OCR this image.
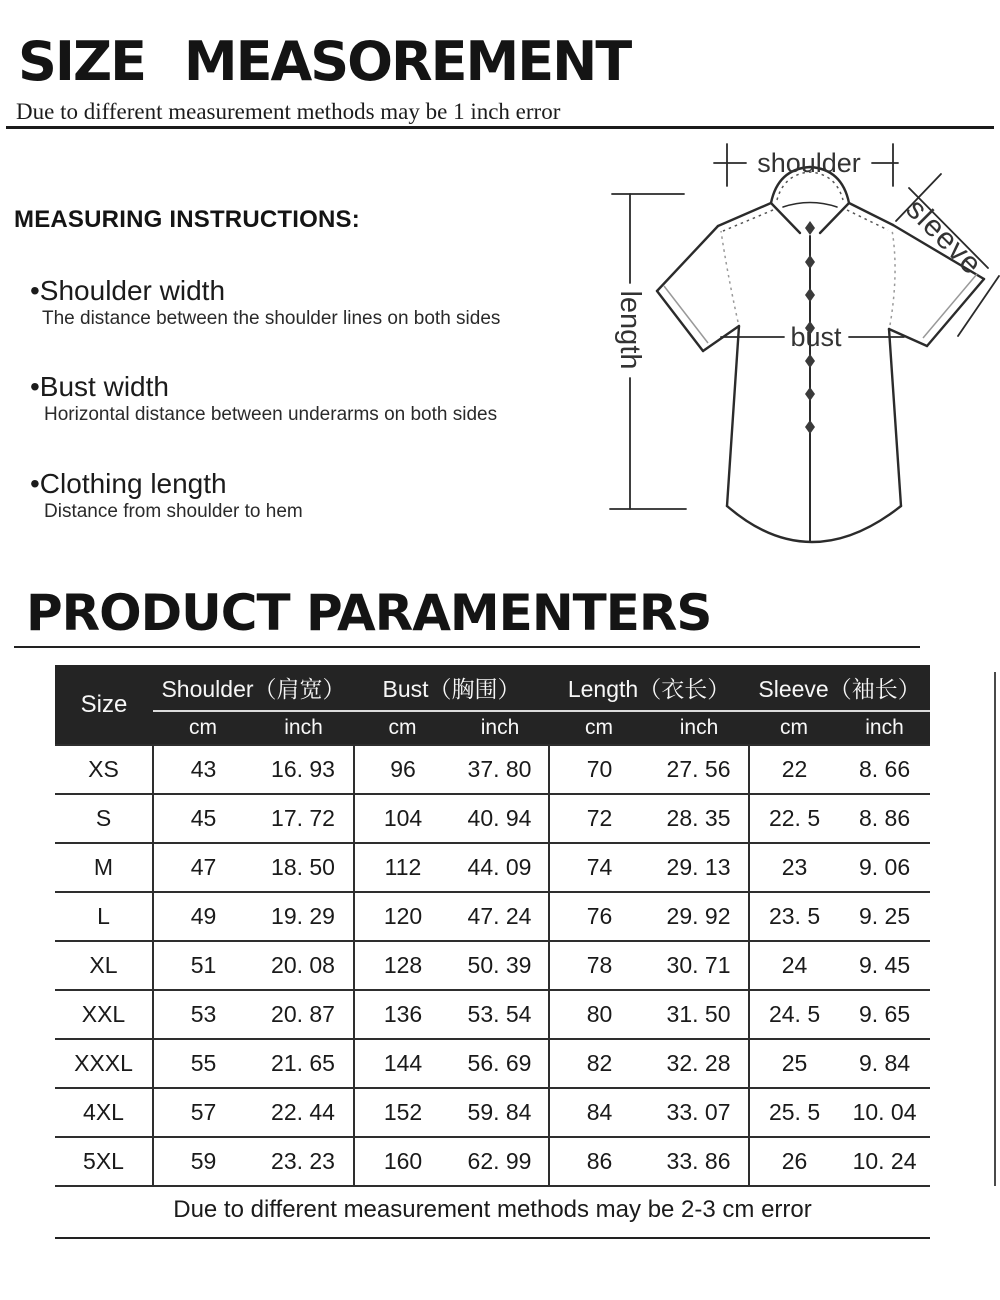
SIZE MEASOREMENT
Due to different measurement methods may be 1 inch error
MEASURING INSTRUCTIONS:
•Shoulder width
The distance between the shoulder lines on both sides
•Bust width
Horizontal distance between underarms on both sides
•Clothing length
Distance from shoulder to hem
shoulder
length	bust
sleeve
PRODUCT PARAMENTERS
Size	Shoulder（肩宽）		Bust（胸围）		Length（衣长）		Sleeve（袖长）	
	cm	inch	cm	inch	cm	inch	cm	inch
XS	43	16. 93	96	37. 80	70	27. 56	22	8. 66
S	45	17. 72	104	40. 94	72	28. 35	22. 5	8. 86
M	47	18. 50	112	44. 09	74	29. 13	23	9. 06
L	49	19. 29	120	47. 24	76	29. 92	23. 5	9. 25
XL	51	20. 08	128	50. 39	78	30. 71	24	9. 45
XXL	53	20. 87	136	53. 54	80	31. 50	24. 5	9. 65
XXXL	55	21. 65	144	56. 69	82	32. 28	25	9. 84
4XL	57	22. 44	152	59. 84	84	33. 07	25. 5	10. 04
5XL	59	23. 23	160	62. 99	86	33. 86	26	10. 24
Due to different measurement methods may be 2-3 cm error
